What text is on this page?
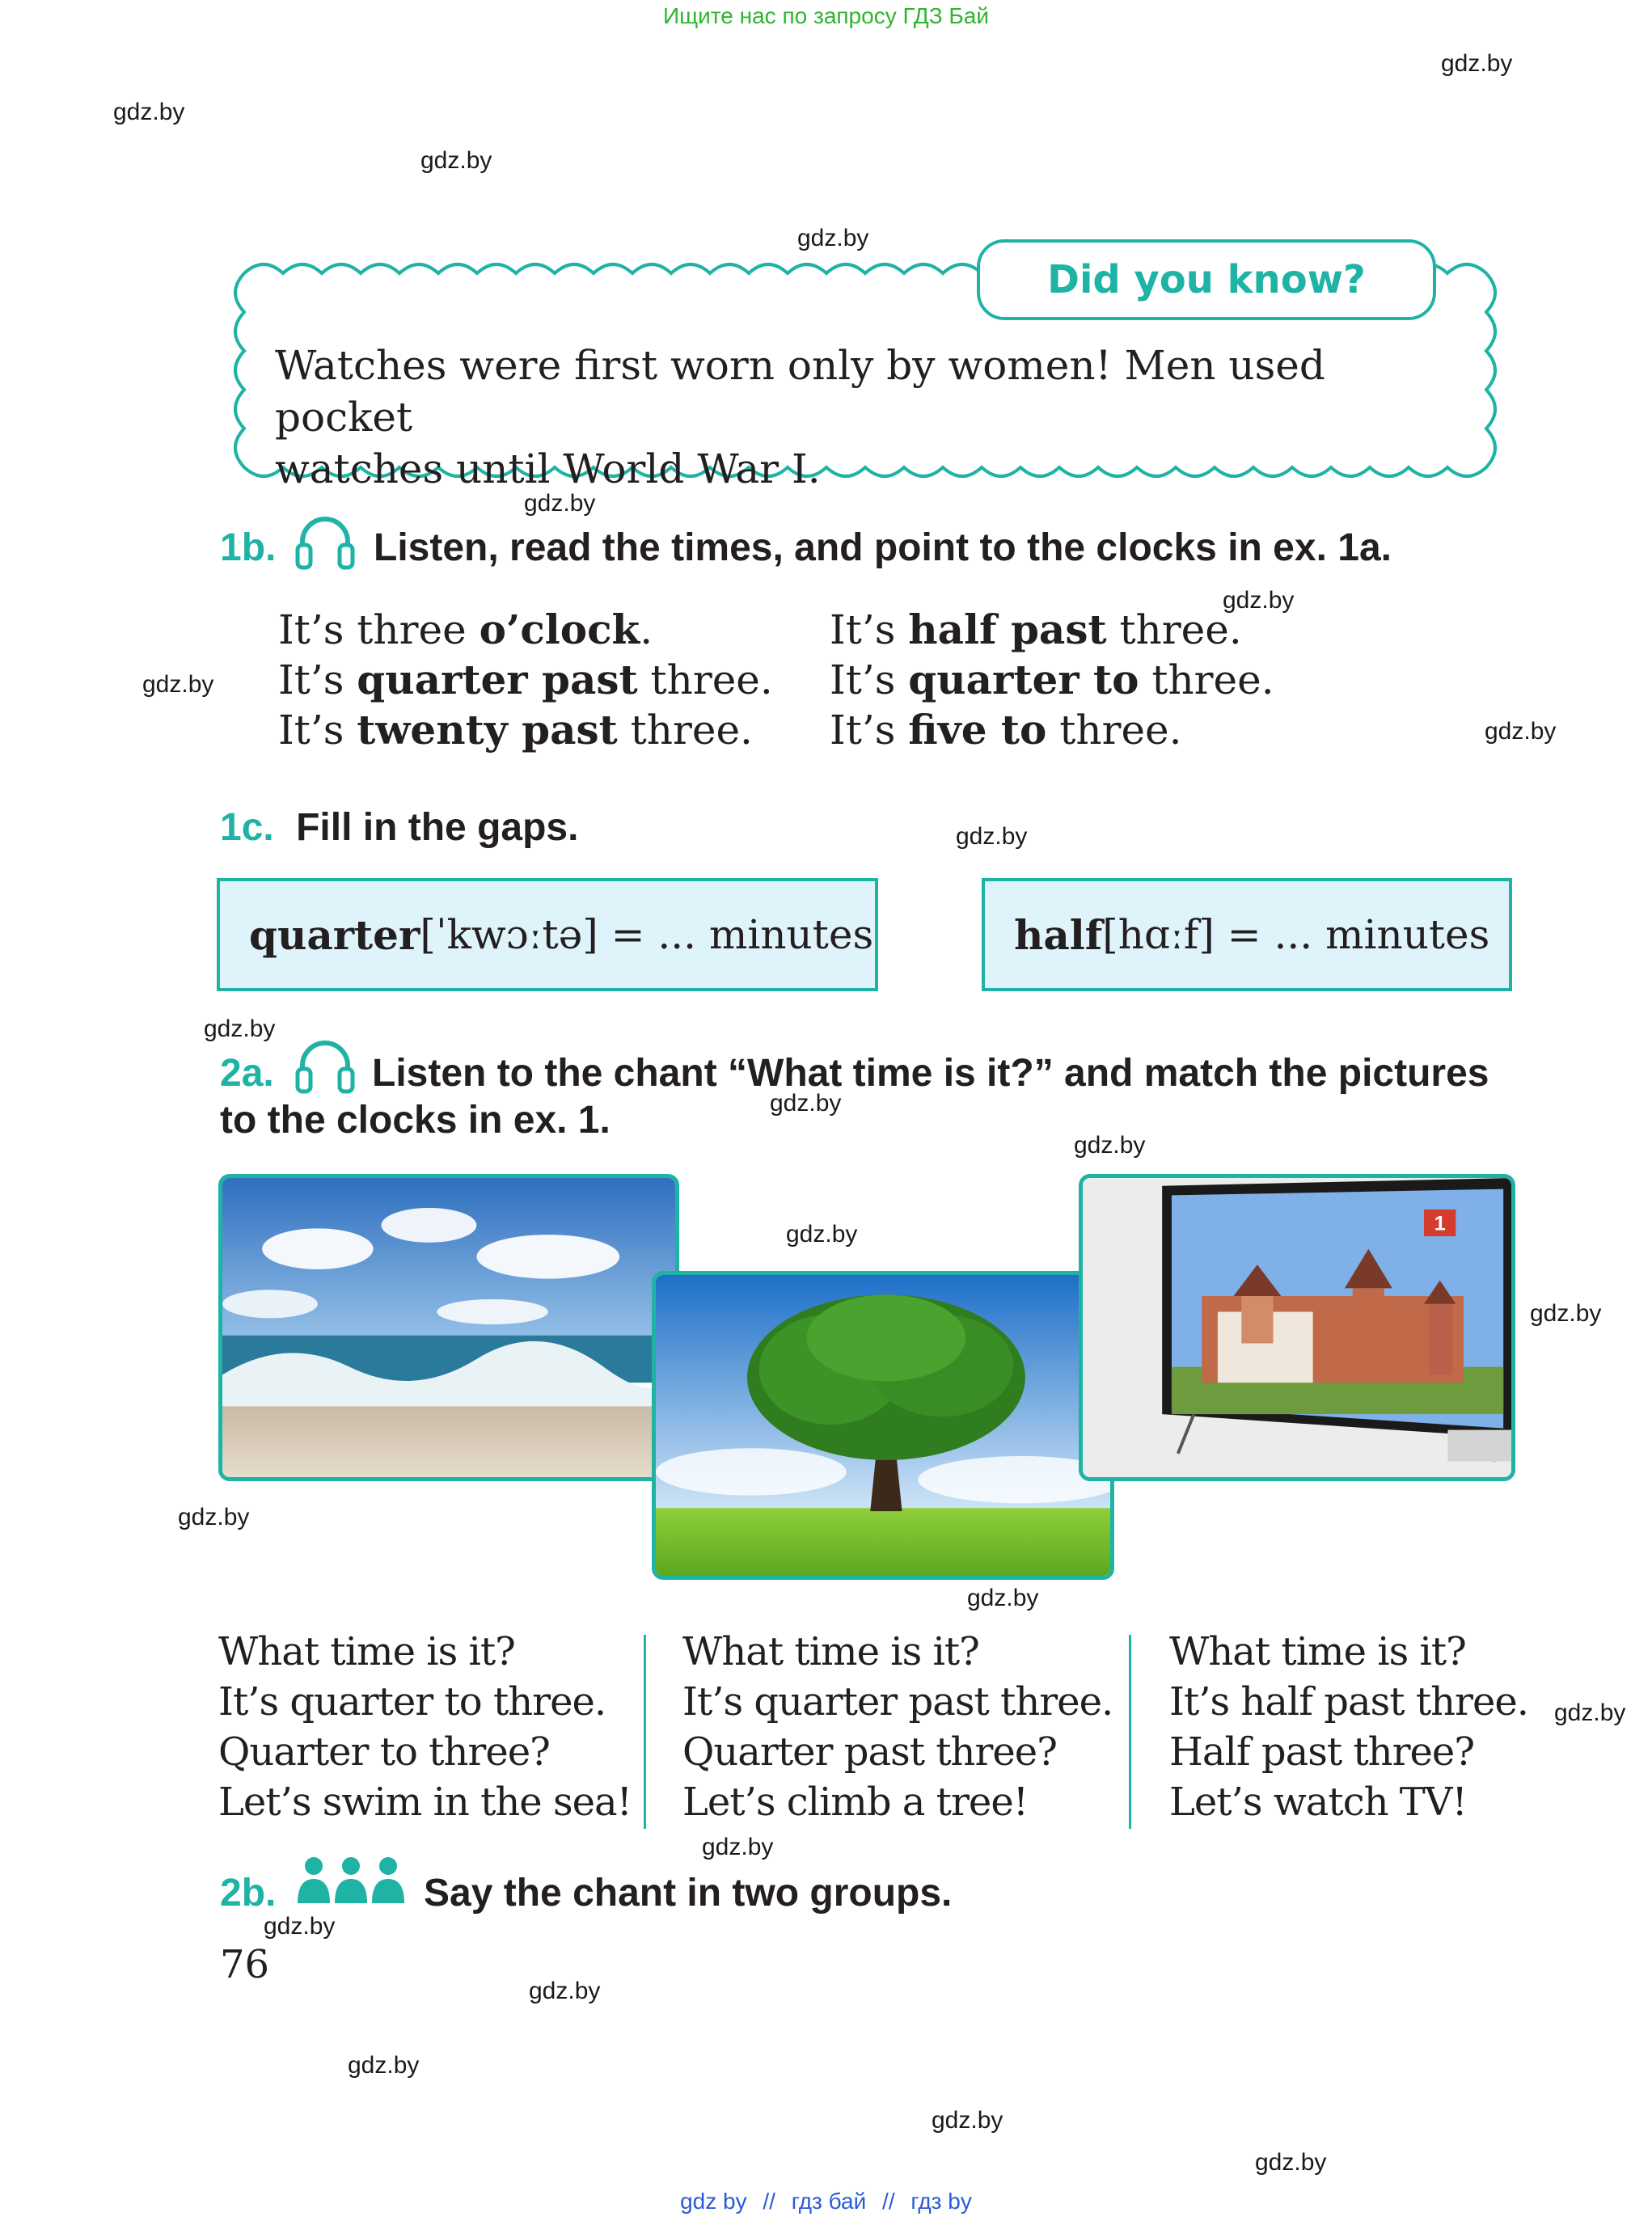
Ищите нас по запросу ГДЗ Бай
gdz.by
gdz.by
gdz.by
gdz.by
gdz.by
gdz.by
gdz.by
gdz.by
gdz.by
gdz.by
gdz.by
gdz.by
gdz.by
gdz.by
gdz.by
gdz.by
gdz.by
gdz.by
gdz.by
gdz.by
gdz.by
gdz.by
gdz.by
Did you know?
Watches were first worn only by women! Men used pocket
watches until World War I.
1b.	Listen, read the times, and point to the clocks in ex. 1a.
It’s three o’clock.
It’s quarter past three.
It’s twenty past three.
It’s half past three.
It’s quarter to three.
It’s five to three.
1c. Fill in the gaps.
quarter [ˈkwɔːtə] = ... minutes	half [hɑːf] = ... minutes
2a.	Listen to the chant “What time is it?” and match the pictures
to the clocks in ex. 1.
1
What time is it?
It’s quarter to three.
Quarter to three?
Let’s swim in the sea!
What time is it?
It’s quarter past three.
Quarter past three?
Let’s climb a tree!
What time is it?
It’s half past three.
Half past three?
Let’s watch TV!
2b.	Say the chant in two groups.
76
gdz by // гдз бай // гдз by
